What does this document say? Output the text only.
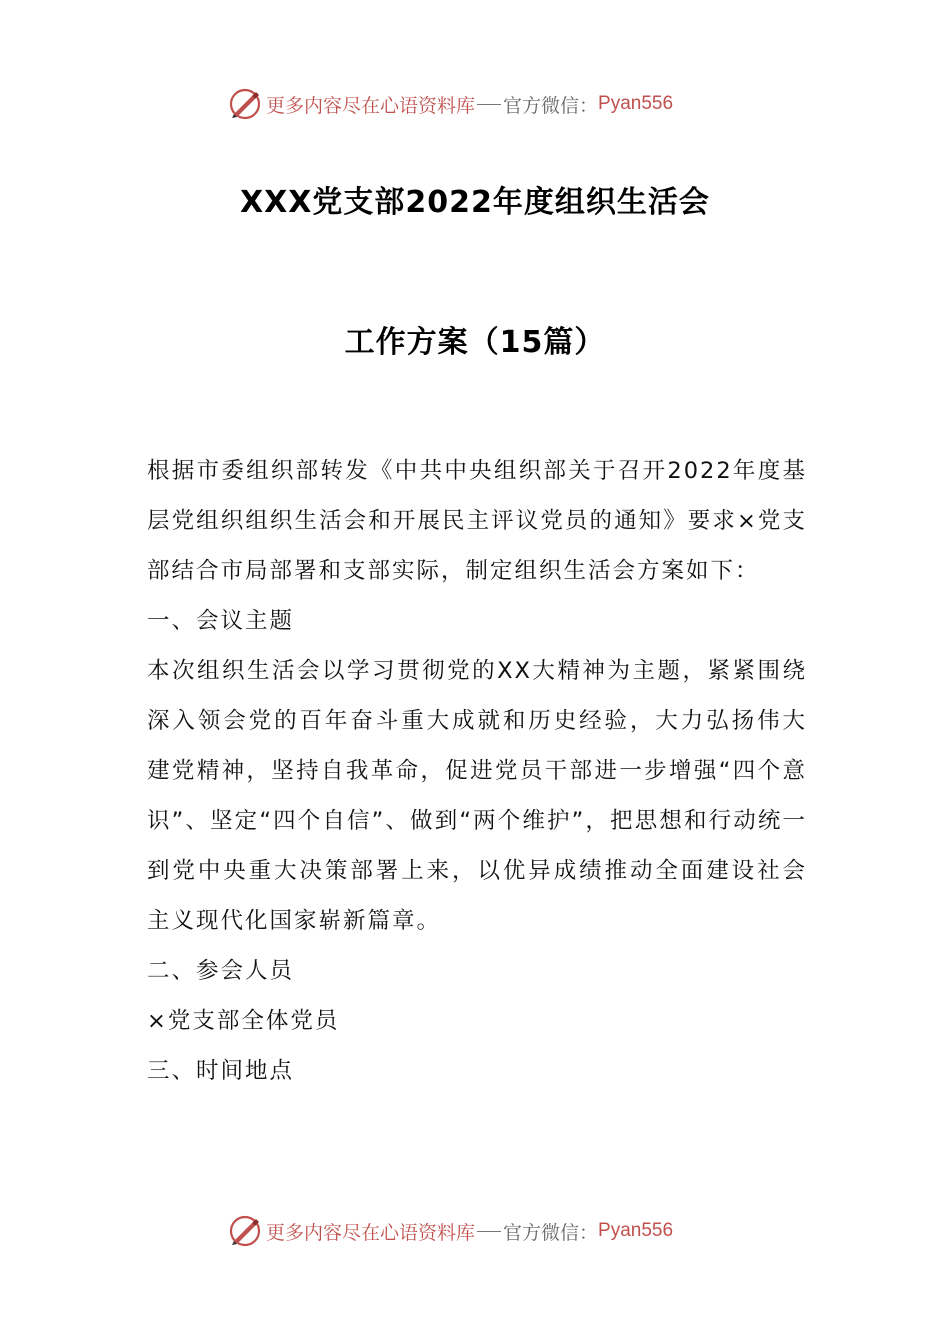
更多内容尽在心语资料库 官方微信： Pyan556
XXX党支部2022年度组织生活会
工作方案（15篇）

根据市委组织部转发《中共中央组织部关于召开2022年度基层党组织组织生活会和开展民主评议党员的通知》要求×党支部结合市局部署和支部实际，制定组织生活会方案如下：

一、会议主题

本次组织生活会以学习贯彻党的XX大精神为主题，紧紧围绕深入领会党的百年奋斗重大成就和历史经验，大力弘扬伟大建党精神，坚持自我革命，促进党员干部进一步增强“四个意识”、坚定“四个自信”、做到“两个维护”，把思想和行动统一到党中央重大决策部署上来，以优异成绩推动全面建设社会主义现代化国家崭新篇章。

二、参会人员

×党支部全体党员

三、时间地点

更多内容尽在心语资料库 官方微信： Pyan556
